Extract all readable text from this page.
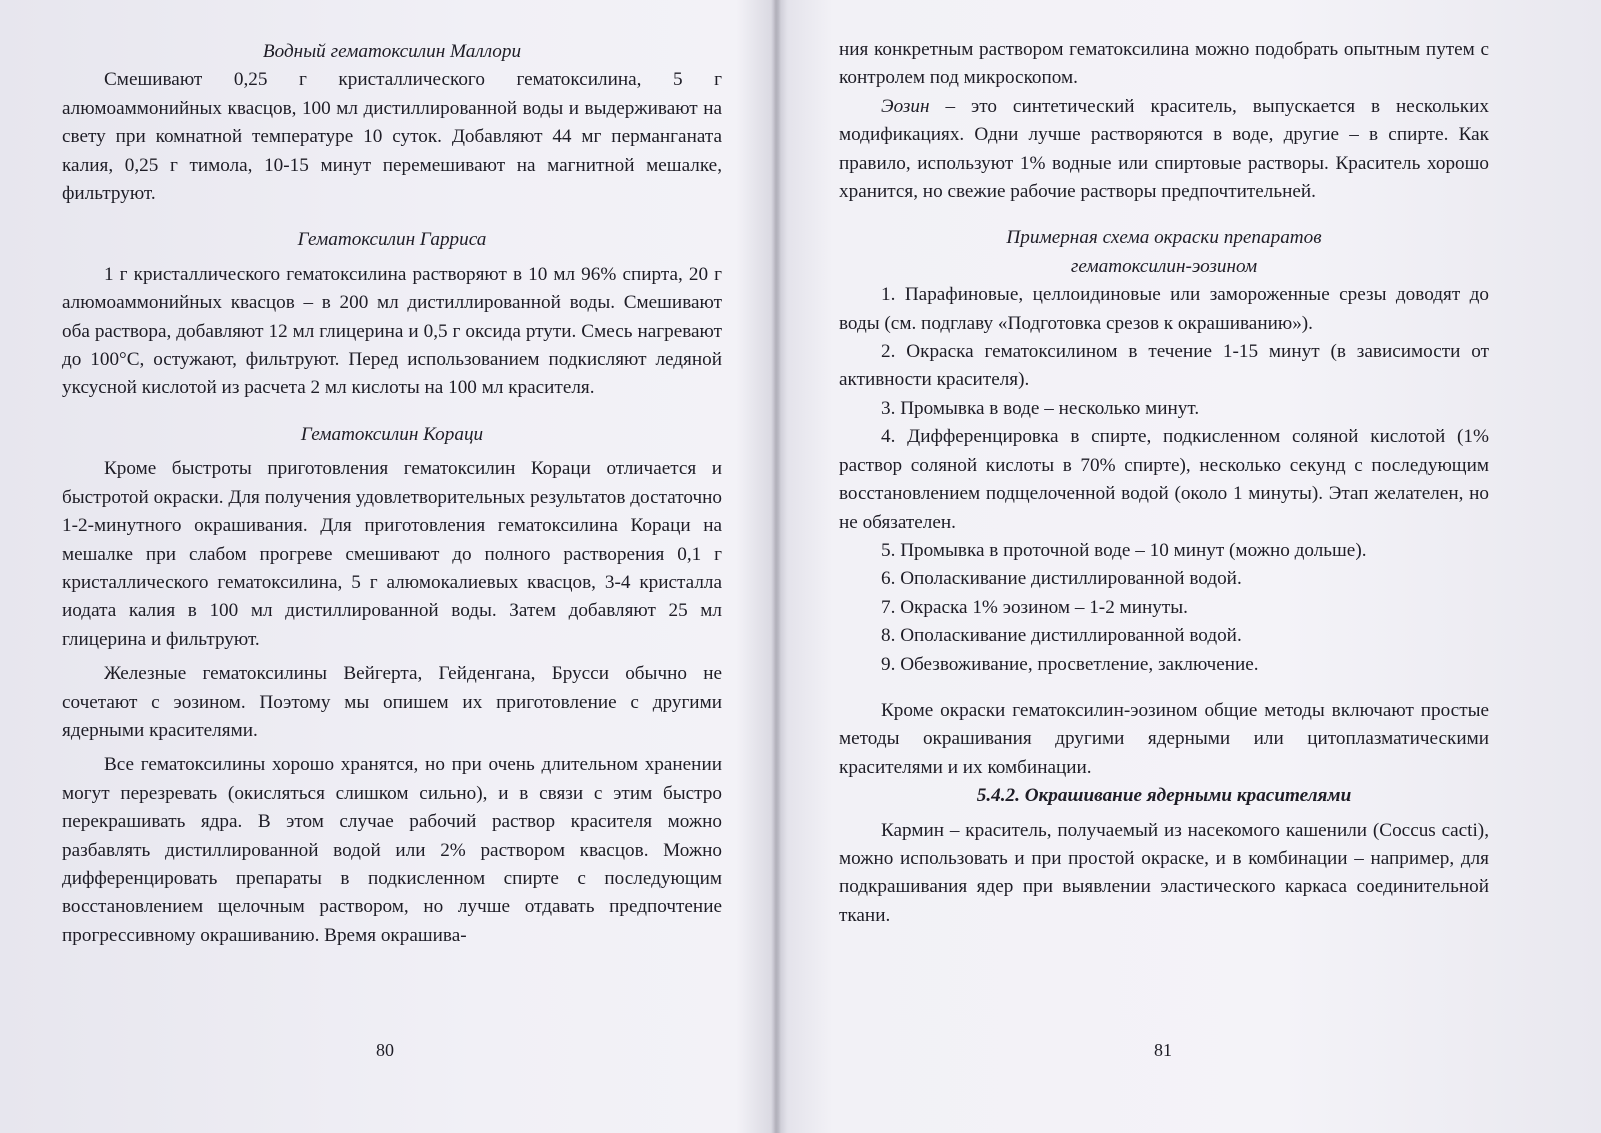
Водный гематоксилин Маллори

Смешивают 0,25 г кристаллического гематоксилина, 5 г алюмоаммонийных квасцов, 100 мл дистиллированной воды и выдерживают на свету при комнатной температуре 10 суток. Добавляют 44 мг перманганата калия, 0,25 г тимола, 10-15 минут перемешивают на магнитной мешалке, фильтруют.

Гематоксилин Гарриса

1 г кристаллического гематоксилина растворяют в 10 мл 96% спирта, 20 г алюмоаммонийных квасцов – в 200 мл дистиллированной воды. Смешивают оба раствора, добавляют 12 мл глицерина и 0,5 г оксида ртути. Смесь нагревают до 100°С, остужают, фильтруют. Перед использованием подкисляют ледяной уксусной кислотой из расчета 2 мл кислоты на 100 мл красителя.

Гематоксилин Кораци

Кроме быстроты приготовления гематоксилин Кораци отличается и быстротой окраски. Для получения удовлетворительных результатов достаточно 1-2-минутного окрашивания. Для приготовления гематоксилина Кораци на мешалке при слабом прогреве смешивают до полного растворения 0,1 г кристаллического гематоксилина, 5 г алюмокалиевых квасцов, 3-4 кристалла иодата калия в 100 мл дистиллированной воды. Затем добавляют 25 мл глицерина и фильтруют.

Железные гематоксилины Вейгерта, Гейденгана, Брусси обычно не сочетают с эозином. Поэтому мы опишем их приготовление с другими ядерными красителями.

Все гематоксилины хорошо хранятся, но при очень длительном хранении могут перезревать (окисляться слишком сильно), и в связи с этим быстро перекрашивать ядра. В этом случае рабочий раствор красителя можно разбавлять дистиллированной водой или 2% раствором квасцов. Можно дифференцировать препараты в подкисленном спирте с последующим восстановлением щелочным раствором, но лучше отдавать предпочтение прогрессивному окрашиванию. Время окрашива-

80

ния конкретным раствором гематоксилина можно подобрать опытным путем с контролем под микроскопом.

Эозин – это синтетический краситель, выпускается в нескольких модификациях. Одни лучше растворяются в воде, другие – в спирте. Как правило, используют 1% водные или спиртовые растворы. Краситель хорошо хранится, но свежие рабочие растворы предпочтительней.

Примерная схема окраски препаратов

гематоксилин-эозином

1. Парафиновые, целлоидиновые или замороженные срезы доводят до воды (см. подглаву «Подготовка срезов к окрашиванию»).

2. Окраска гематоксилином в течение 1-15 минут (в зависимости от активности красителя).

3. Промывка в воде – несколько минут.

4. Дифференцировка в спирте, подкисленном соляной кислотой (1% раствор соляной кислоты в 70% спирте), несколько секунд с последующим восстановлением подщелоченной водой (около 1 минуты). Этап желателен, но не обязателен.

5. Промывка в проточной воде – 10 минут (можно дольше).

6. Ополаскивание дистиллированной водой.

7. Окраска 1% эозином – 1-2 минуты.

8. Ополаскивание дистиллированной водой.

9. Обезвоживание, просветление, заключение.

Кроме окраски гематоксилин-эозином общие методы включают простые методы окрашивания другими ядерными или цитоплазматическими красителями и их комбинации.

5.4.2. Окрашивание ядерными красителями

Кармин – краситель, получаемый из насекомого кашенили (Coccus cacti), можно использовать и при простой окраске, и в комбинации – например, для подкрашивания ядер при выявлении эластического каркаса соединительной ткани.

81
